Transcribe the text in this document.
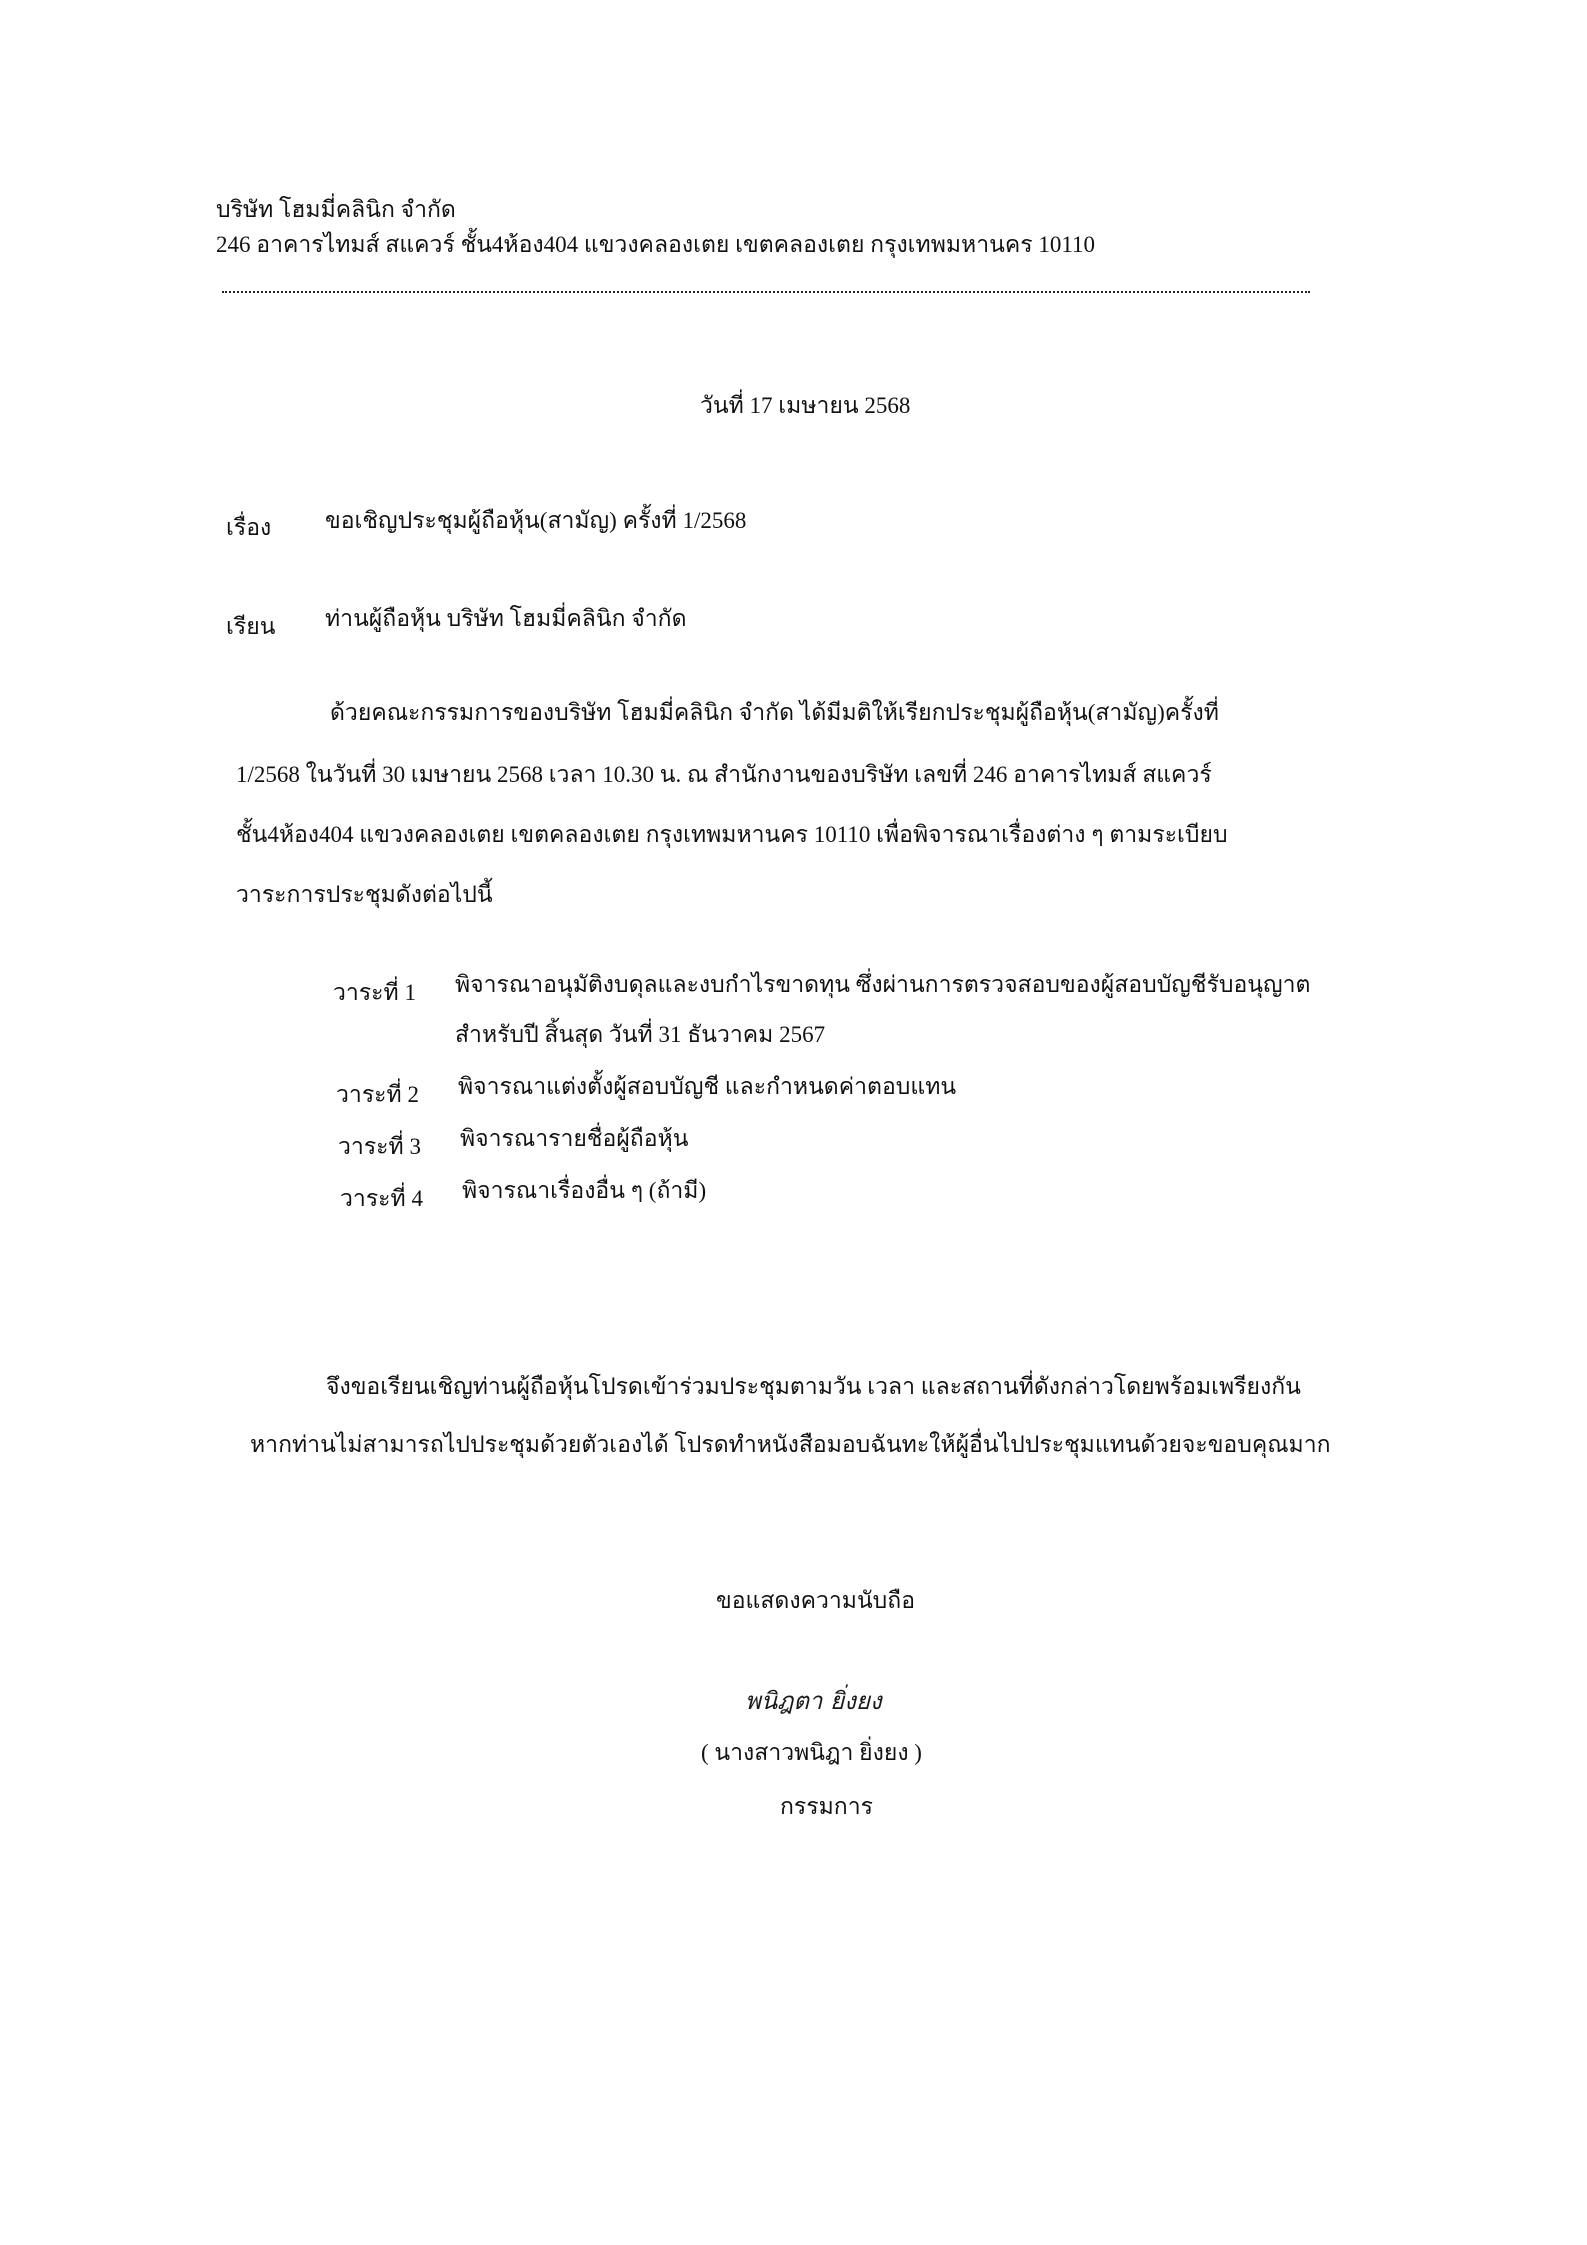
บริษัท โฮมมี่คลินิก จำกัด
246 อาคารไทมส์ สแควร์ ชั้น4ห้อง404 แขวงคลองเตย เขตคลองเตย กรุงเทพมหานคร 10110
วันที่ 17 เมษายน 2568
เรื่อง ขอเชิญประชุมผู้ถือหุ้น(สามัญ) ครั้งที่ 1/2568
เรียน ท่านผู้ถือหุ้น บริษัท โฮมมี่คลินิก จำกัด
ด้วยคณะกรรมการของบริษัท โฮมมี่คลินิก จำกัด ได้มีมติให้เรียกประชุมผู้ถือหุ้น(สามัญ)ครั้งที่
1/2568 ในวันที่ 30 เมษายน 2568 เวลา 10.30 น. ณ สำนักงานของบริษัท เลขที่ 246 อาคารไทมส์ สแควร์
ชั้น4ห้อง404 แขวงคลองเตย เขตคลองเตย กรุงเทพมหานคร 10110 เพื่อพิจารณาเรื่องต่าง ๆ ตามระเบียบ
วาระการประชุมดังต่อไปนี้
วาระที่ 1 พิจารณาอนุมัติงบดุลและงบกำไรขาดทุน ซึ่งผ่านการตรวจสอบของผู้สอบบัญชีรับอนุญาต
สำหรับปี สิ้นสุด วันที่ 31 ธันวาคม 2567
วาระที่ 2 พิจารณาแต่งตั้งผู้สอบบัญชี และกำหนดค่าตอบแทน
วาระที่ 3 พิจารณารายชื่อผู้ถือหุ้น
วาระที่ 4 พิจารณาเรื่องอื่น ๆ (ถ้ามี)
จึงขอเรียนเชิญท่านผู้ถือหุ้นโปรดเข้าร่วมประชุมตามวัน เวลา และสถานที่ดังกล่าวโดยพร้อมเพรียงกัน
หากท่านไม่สามารถไปประชุมด้วยตัวเองได้ โปรดทำหนังสือมอบฉันทะให้ผู้อื่นไปประชุมแทนด้วยจะขอบคุณมาก
ขอแสดงความนับถือ
พนิฎตา ยิ่งยง
( นางสาวพนิฎา ยิ่งยง )
กรรมการ
